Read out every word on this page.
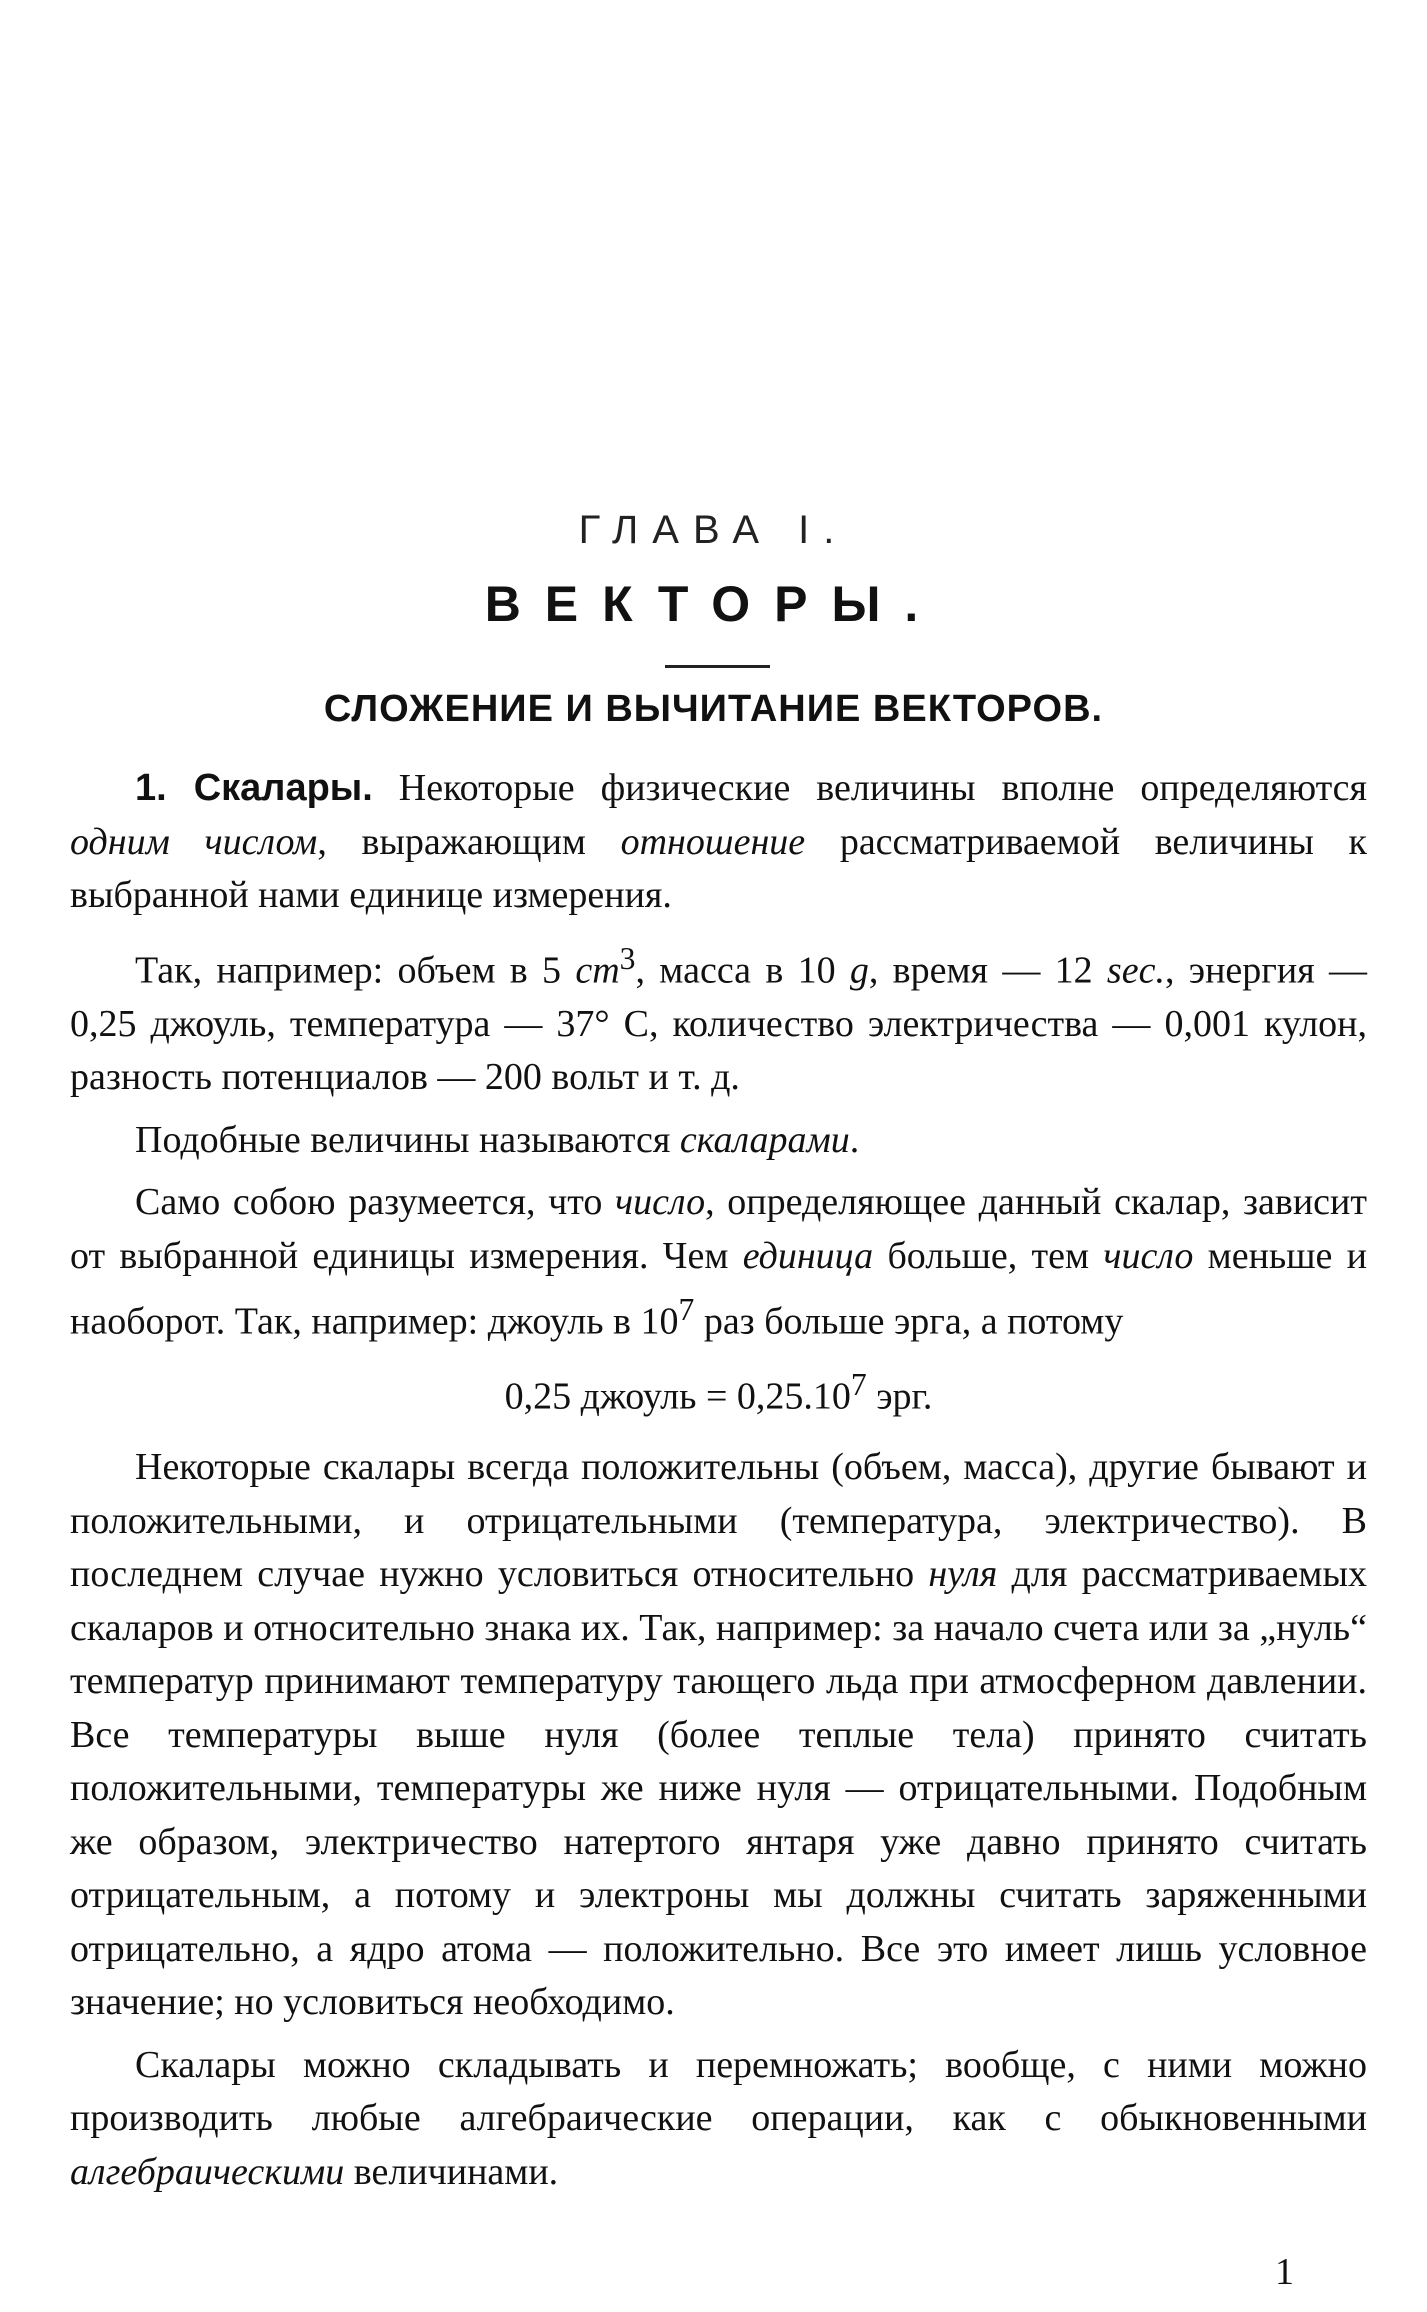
ГЛАВА I.
ВЕКТОРЫ.
СЛОЖЕНИЕ И ВЫЧИТАНИЕ ВЕКТОРОВ.

1. Скалары. Некоторые физические величины вполне определяются одним числом, выражающим отношение рассматриваемой величины к выбранной нами единице измерения.

Так, например: объем в 5 $cm^3$, масса в 10 g, время — 12 sec., энергия — 0,25 джоуль, температура — 37° C, количество электричества — 0,001 кулон, разность потенциалов — 200 вольт и т. д.

Подобные величины называются скаларами.

Само собою разумеется, что число, определяющее данный скалар, зависит от выбранной единицы измерения. Чем единица больше, тем число меньше и наоборот. Так, например: джоуль в $10^7$ раз больше эрга, а потому

0,25 джоуль = $0,25.10^7$ эрг.

Некоторые скалары всегда положительны (объем, масса), другие бывают и положительными, и отрицательными (температура, электричество). В последнем случае нужно условиться относительно нуля для рассматриваемых скаларов и относительно знака их. Так, например: за начало счета или за „нуль“ температур принимают температуру тающего льда при атмосферном давлении. Все температуры выше нуля (более теплые тела) принято считать положительными, температуры же ниже нуля — отрицательными. Подобным же образом, электричество натертого янтаря уже давно принято считать отрицательным, а потому и электроны мы должны считать заряженными отрицательно, а ядро атома — положительно. Все это имеет лишь условное значение; но условиться необходимо.

Скалары можно складывать и перемножать; вообще, с ними можно производить любые алгебраические операции, как с обыкновенными алгебраическими величинами.

1
